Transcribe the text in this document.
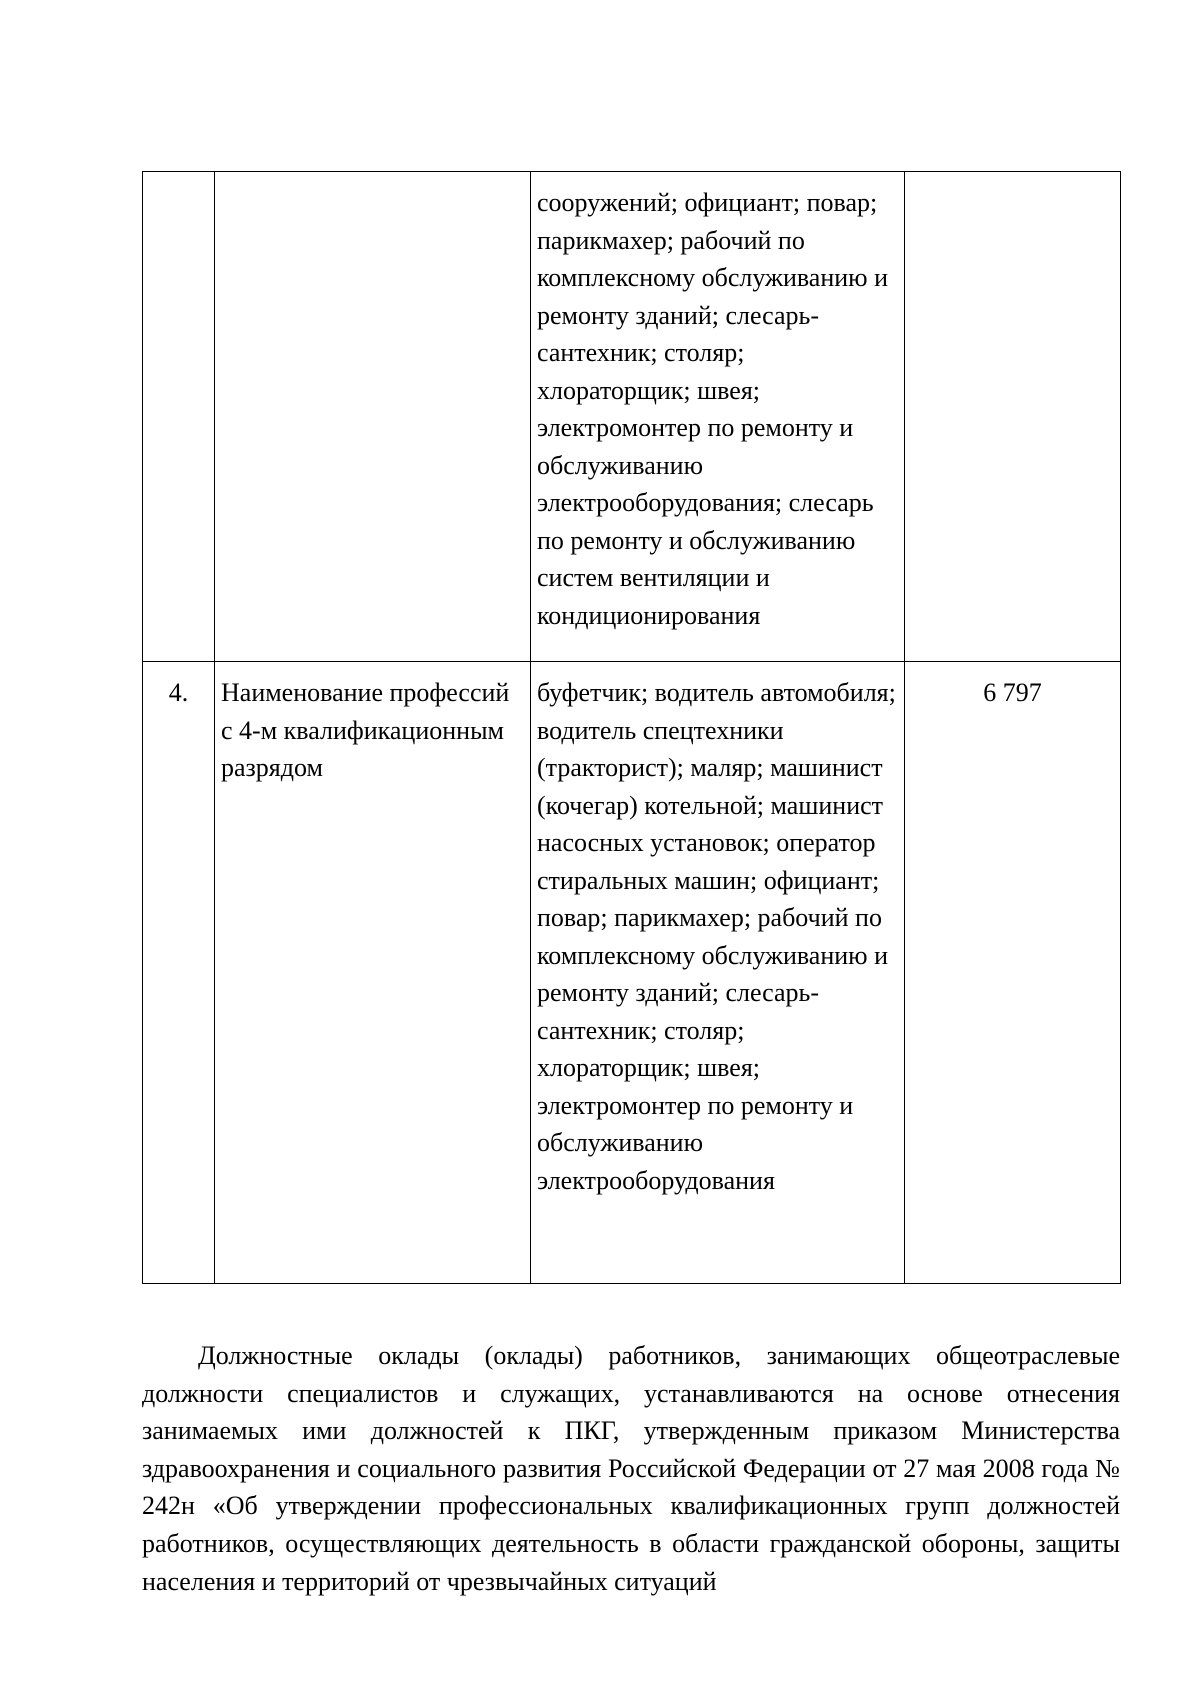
		сооружений; официант; повар; парикмахер; рабочий по комплексному обслуживанию и ремонту зданий; слесарь-сантехник; столяр; хлораторщик; швея; электромонтер по ремонту и обслуживанию электрооборудования; слесарь по ремонту и обслуживанию систем вентиляции и кондиционирования	

4.	Наименование профессий с 4-м квалификационным разрядом	буфетчик; водитель автомобиля; водитель спецтехники (тракторист); маляр; машинист (кочегар) котельной; машинист насосных установок; оператор стиральных машин; официант; повар; парикмахер; рабочий по комплексному обслуживанию и ремонту зданий; слесарь-сантехник; столяр; хлораторщик; швея; электромонтер по ремонту и обслуживанию электрооборудования	6 797

Должностные оклады (оклады) работников, занимающих общеотраслевые должности специалистов и служащих, устанавливаются на основе отнесения занимаемых ими должностей к ПКГ, утвержденным приказом Министерства здравоохранения и социального развития Российской Федерации от 27 мая 2008 года № 242н «Об утверждении профессиональных квалификационных групп должностей работников, осуществляющих деятельность в области гражданской обороны, защиты населения и территорий от чрезвычайных ситуаций
